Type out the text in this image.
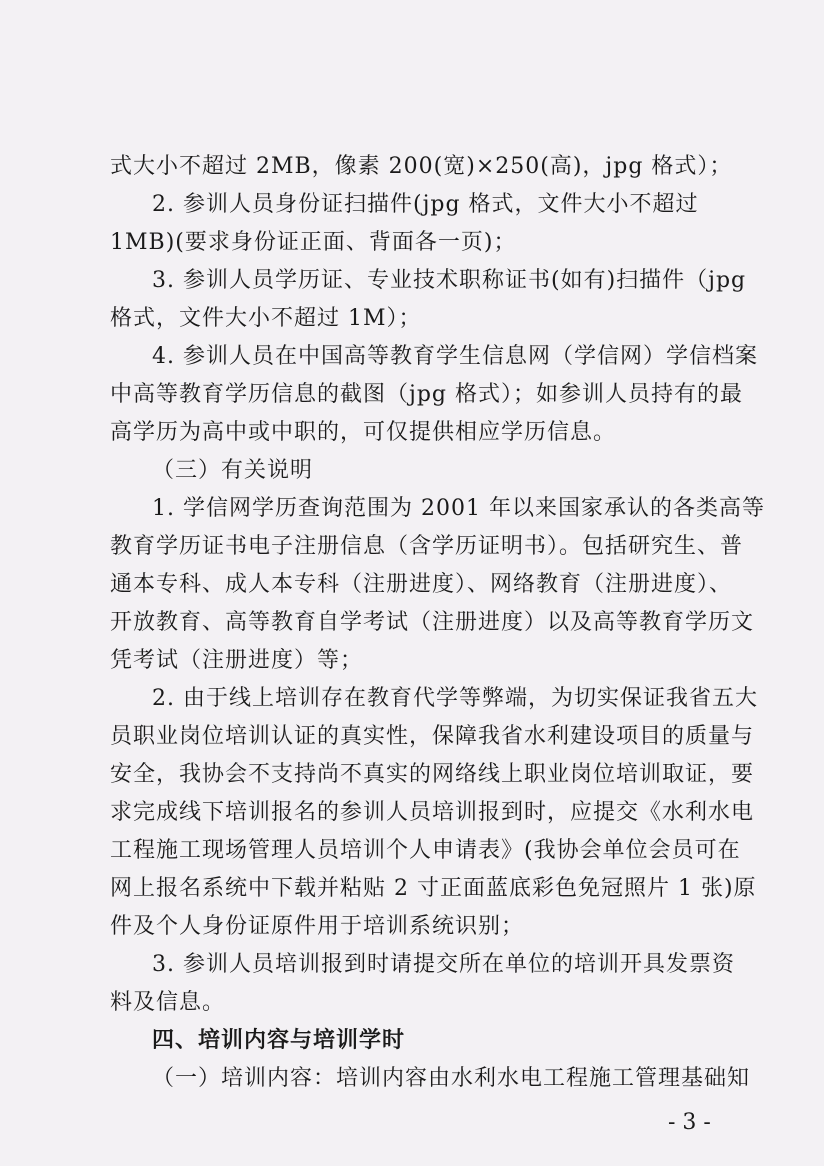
式大小不超过 2MB，像素 200(宽)×250(高)，jpg 格式）；
2. 参训人员身份证扫描件(jpg 格式，文件大小不超过
1MB)(要求身份证正面、背面各一页)；
3. 参训人员学历证、专业技术职称证书(如有)扫描件（jpg
格式，文件大小不超过 1M）；
4. 参训人员在中国高等教育学生信息网（学信网）学信档案
中高等教育学历信息的截图（jpg 格式）；如参训人员持有的最
高学历为高中或中职的，可仅提供相应学历信息。
（三）有关说明
1. 学信网学历查询范围为 2001 年以来国家承认的各类高等
教育学历证书电子注册信息（含学历证明书）。包括研究生、普
通本专科、成人本专科（注册进度）、网络教育（注册进度）、
开放教育、高等教育自学考试（注册进度）以及高等教育学历文
凭考试（注册进度）等；
2. 由于线上培训存在教育代学等弊端，为切实保证我省五大
员职业岗位培训认证的真实性，保障我省水利建设项目的质量与
安全，我协会不支持尚不真实的网络线上职业岗位培训取证，要
求完成线下培训报名的参训人员培训报到时，应提交《水利水电
工程施工现场管理人员培训个人申请表》(我协会单位会员可在
网上报名系统中下载并粘贴 2 寸正面蓝底彩色免冠照片 1 张)原
件及个人身份证原件用于培训系统识别；
3. 参训人员培训报到时请提交所在单位的培训开具发票资
料及信息。
四、培训内容与培训学时
（一）培训内容：培训内容由水利水电工程施工管理基础知
- 3 -
